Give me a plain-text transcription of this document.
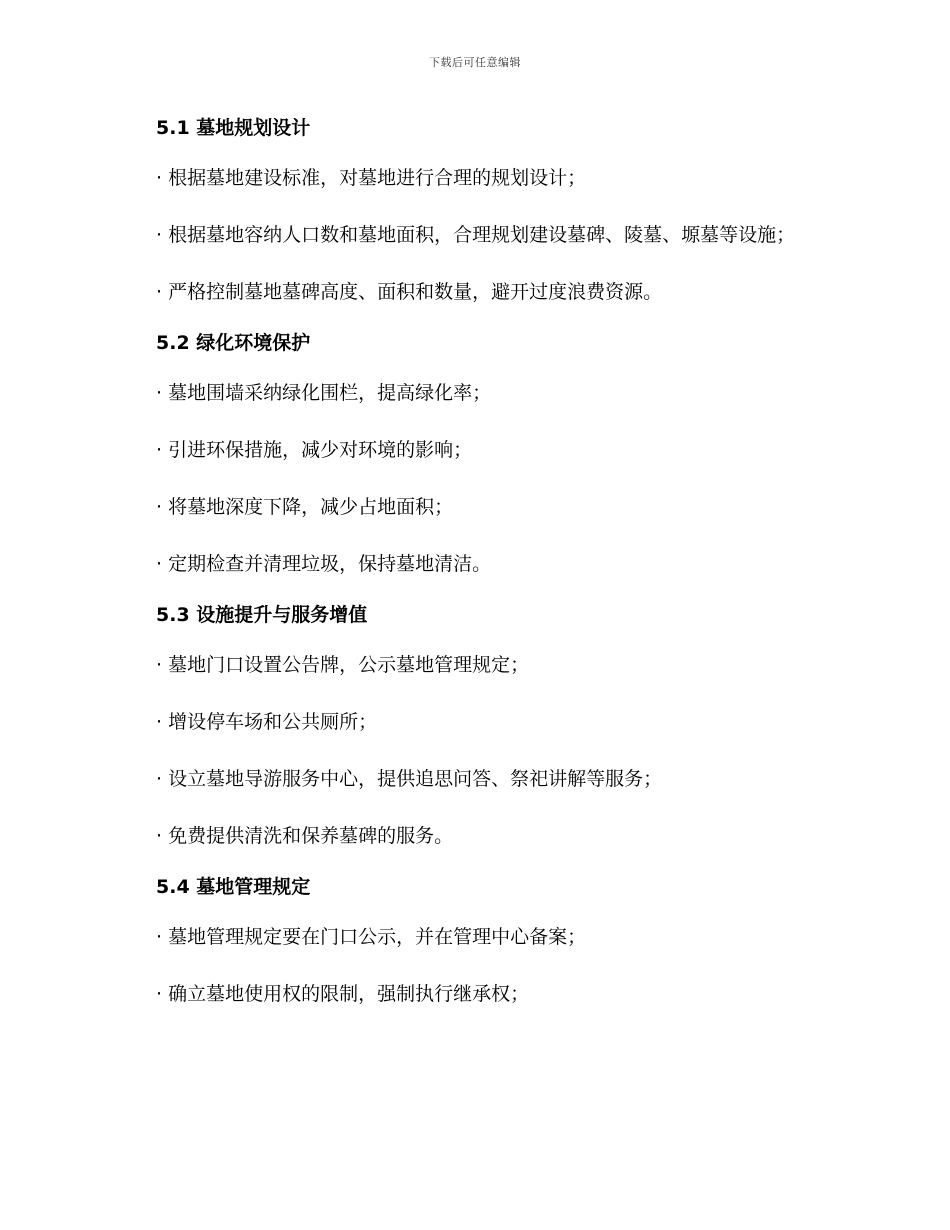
下载后可任意编辑
5.1 墓地规划设计

· 根据墓地建设标准，对墓地进行合理的规划设计；

· 根据墓地容纳人口数和墓地面积，合理规划建设墓碑、陵墓、塬墓等设施；

· 严格控制墓地墓碑高度、面积和数量，避开过度浪费资源。

5.2 绿化环境保护

· 墓地围墙采纳绿化围栏，提高绿化率；

· 引进环保措施，减少对环境的影响；

· 将墓地深度下降，减少占地面积；

· 定期检查并清理垃圾，保持墓地清洁。

5.3 设施提升与服务增值

· 墓地门口设置公告牌，公示墓地管理规定；

· 增设停车场和公共厕所；

· 设立墓地导游服务中心，提供追思问答、祭祀讲解等服务；

· 免费提供清洗和保养墓碑的服务。

5.4 墓地管理规定

· 墓地管理规定要在门口公示，并在管理中心备案；

· 确立墓地使用权的限制，强制执行继承权；
